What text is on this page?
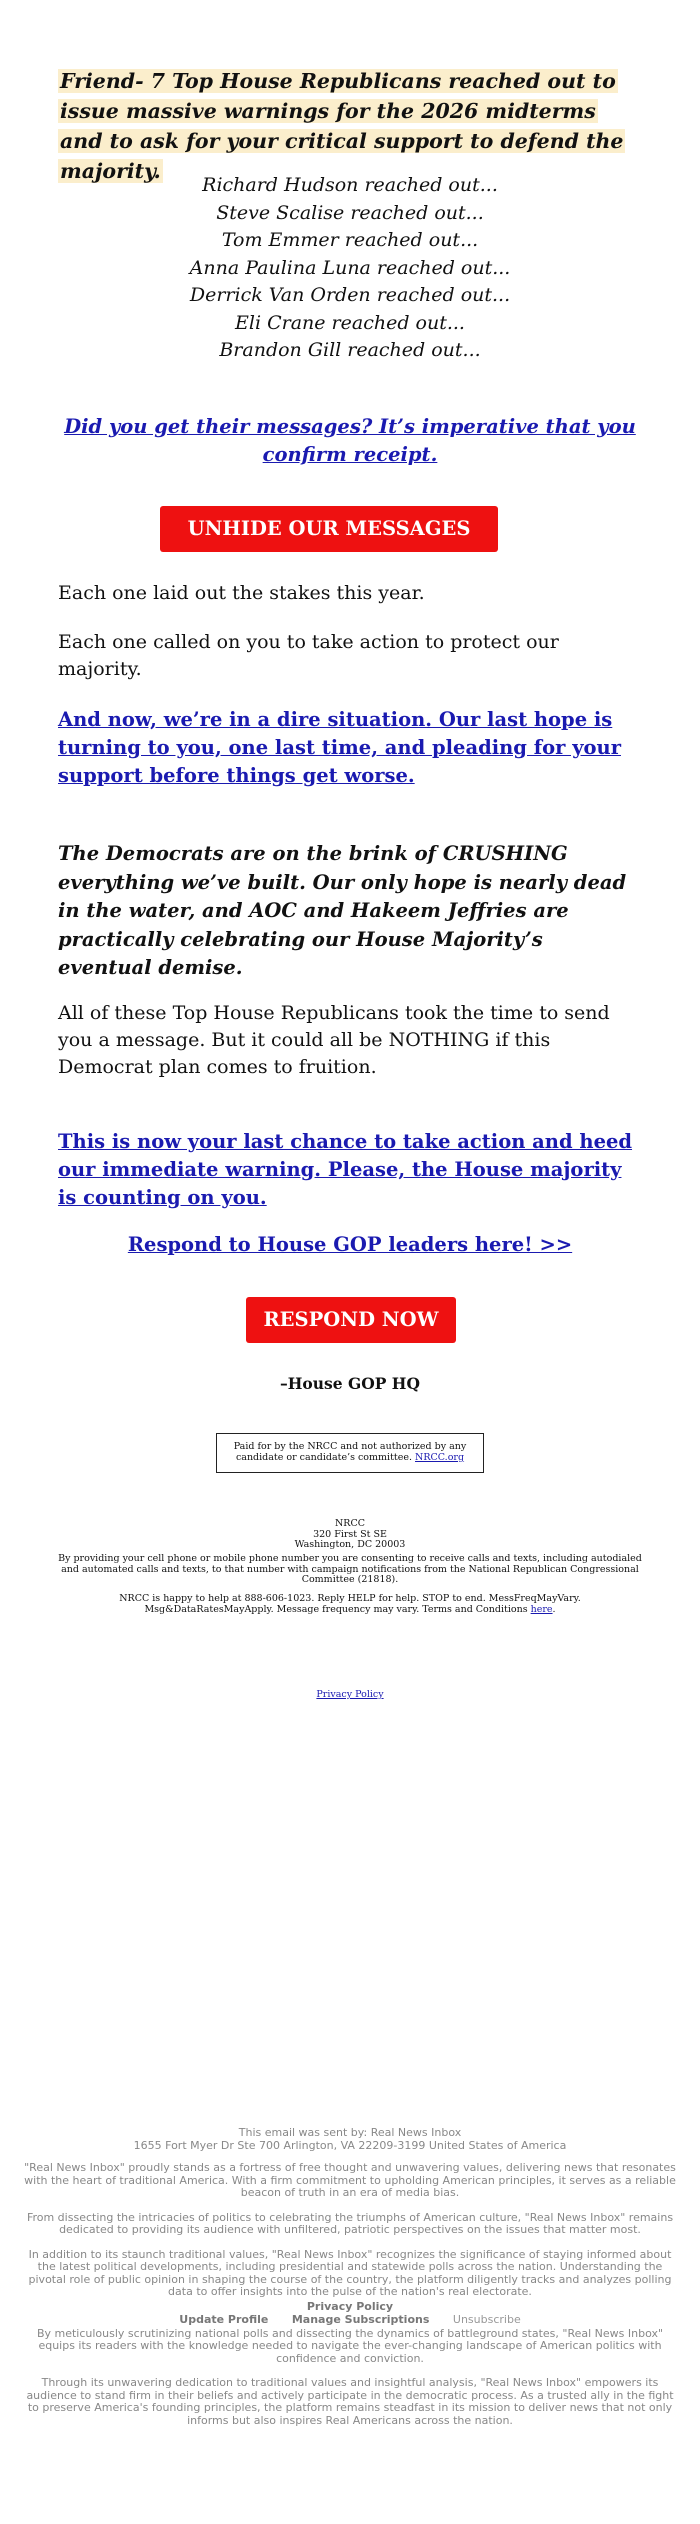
Friend- 7 Top House Republicans reached out to issue massive warnings for the 2026 midterms and to ask for your critical support to defend the majority.
Richard Hudson reached out...
Steve Scalise reached out...
Tom Emmer reached out...
Anna Paulina Luna reached out...
Derrick Van Orden reached out...
Eli Crane reached out...
Brandon Gill reached out...
Did you get their messages? It’s imperative that you confirm receipt.
UNHIDE OUR MESSAGES HERE
Each one laid out the stakes this year.
Each one called on you to take action to protect our majority.
And now, we’re in a dire situation. Our last hope is turning to you, one last time, and pleading for your support before things get worse.
The Democrats are on the brink of CRUSHING everything we’ve built. Our only hope is nearly dead in the water, and AOC and Hakeem Jeffries are practically celebrating our House Majority’s eventual demise.
All of these Top House Republicans took the time to send you a message. But it could all be NOTHING if this Democrat plan comes to fruition.
This is now your last chance to take action and heed our immediate warning. Please, the House majority is counting on you.
Respond to House GOP leaders here! >>
RESPOND NOW
–House GOP HQ
Paid for by the NRCC and not authorized by any candidate or candidate’s committee. NRCC.org
NRCC
320 First St SE
Washington, DC 20003
By providing your cell phone or mobile phone number you are consenting to receive calls and texts, including autodialed and automated calls and texts, to that number with campaign notifications from the National Republican Congressional Committee (21818).
NRCC is happy to help at 888-606-1023. Reply HELP for help. STOP to end. MessFreqMayVary. Msg&DataRatesMayApply. Message frequency may vary. Terms and Conditions here.
Privacy Policy
This email was sent by: Real News Inbox
1655 Fort Myer Dr Ste 700 Arlington, VA 22209-3199 United States of America
"Real News Inbox" proudly stands as a fortress of free thought and unwavering values, delivering news that resonates with the heart of traditional America. With a firm commitment to upholding American principles, it serves as a reliable beacon of truth in an era of media bias.
From dissecting the intricacies of politics to celebrating the triumphs of American culture, "Real News Inbox" remains dedicated to providing its audience with unfiltered, patriotic perspectives on the issues that matter most.
In addition to its staunch traditional values, "Real News Inbox" recognizes the significance of staying informed about the latest political developments, including presidential and statewide polls across the nation. Understanding the pivotal role of public opinion in shaping the course of the country, the platform diligently tracks and analyzes polling data to offer insights into the pulse of the nation's real electorate.
Privacy Policy
Update Profile Manage Subscriptions Unsubscribe
By meticulously scrutinizing national polls and dissecting the dynamics of battleground states, "Real News Inbox" equips its readers with the knowledge needed to navigate the ever-changing landscape of American politics with confidence and conviction.
Through its unwavering dedication to traditional values and insightful analysis, "Real News Inbox" empowers its audience to stand firm in their beliefs and actively participate in the democratic process. As a trusted ally in the fight to preserve America's founding principles, the platform remains steadfast in its mission to deliver news that not only informs but also inspires Real Americans across the nation.
